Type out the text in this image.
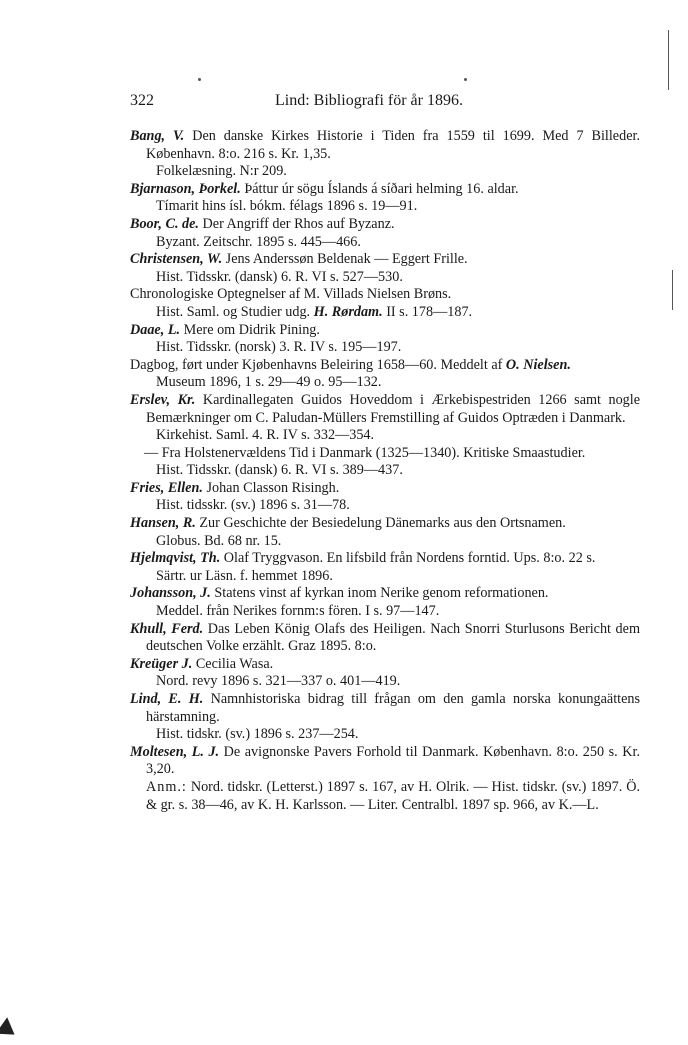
322	Lind: Bibliografi för år 1896.

Bang, V. Den danske Kirkes Historie i Tiden fra 1559 til 1699. Med 7 Billeder. København. 8:o. 216 s. Kr. 1,35.

Folkelæsning. N:r 209.

Bjarnason, Þorkel. Þáttur úr sögu Íslands á síðari helming 16. aldar.

Tímarit hins ísl. bókm. félags 1896 s. 19—91.

Boor, C. de. Der Angriff der Rhos auf Byzanz.

Byzant. Zeitschr. 1895 s. 445—466.

Christensen, W. Jens Anderssøn Beldenak — Eggert Frille.

Hist. Tidsskr. (dansk) 6. R. VI s. 527—530.

Chronologiske Optegnelser af M. Villads Nielsen Brøns.

Hist. Saml. og Studier udg. H. Rørdam. II s. 178—187.

Daae, L. Mere om Didrik Pining.

Hist. Tidsskr. (norsk) 3. R. IV s. 195—197.

Dagbog, ført under Kjøbenhavns Beleiring 1658—60. Meddelt af O. Nielsen.

Museum 1896, 1 s. 29—49 o. 95—132.

Erslev, Kr. Kardinallegaten Guidos Hoveddom i Ærkebispestriden 1266 samt nogle Bemærkninger om C. Paludan-Müllers Fremstilling af Guidos Optræden i Danmark.

Kirkehist. Saml. 4. R. IV s. 332—354.

— Fra Holstenervældens Tid i Danmark (1325—1340). Kritiske Smaastudier.

Hist. Tidsskr. (dansk) 6. R. VI s. 389—437.

Fries, Ellen. Johan Classon Risingh.

Hist. tidsskr. (sv.) 1896 s. 31—78.

Hansen, R. Zur Geschichte der Besiedelung Dänemarks aus den Ortsnamen.

Globus. Bd. 68 nr. 15.

Hjelmqvist, Th. Olaf Tryggvason. En lifsbild från Nordens forntid. Ups. 8:o. 22 s.

Särtr. ur Läsn. f. hemmet 1896.

Johansson, J. Statens vinst af kyrkan inom Nerike genom reformationen.

Meddel. från Nerikes fornm:s fören. I s. 97—147.

Khull, Ferd. Das Leben König Olafs des Heiligen. Nach Snorri Sturlusons Bericht dem deutschen Volke erzählt. Graz 1895. 8:o.

Kreüger J. Cecilia Wasa.

Nord. revy 1896 s. 321—337 o. 401—419.

Lind, E. H. Namnhistoriska bidrag till frågan om den gamla norska konungaättens härstamning.

Hist. tidskr. (sv.) 1896 s. 237—254.

Moltesen, L. J. De avignonske Pavers Forhold til Danmark. København. 8:o. 250 s. Kr. 3,20.

Anm.: Nord. tidskr. (Letterst.) 1897 s. 167, av H. Olrik. — Hist. tidskr. (sv.) 1897. Ö. & gr. s. 38—46, av K. H. Karlsson. — Liter. Centralbl. 1897 sp. 966, av K.—L.
